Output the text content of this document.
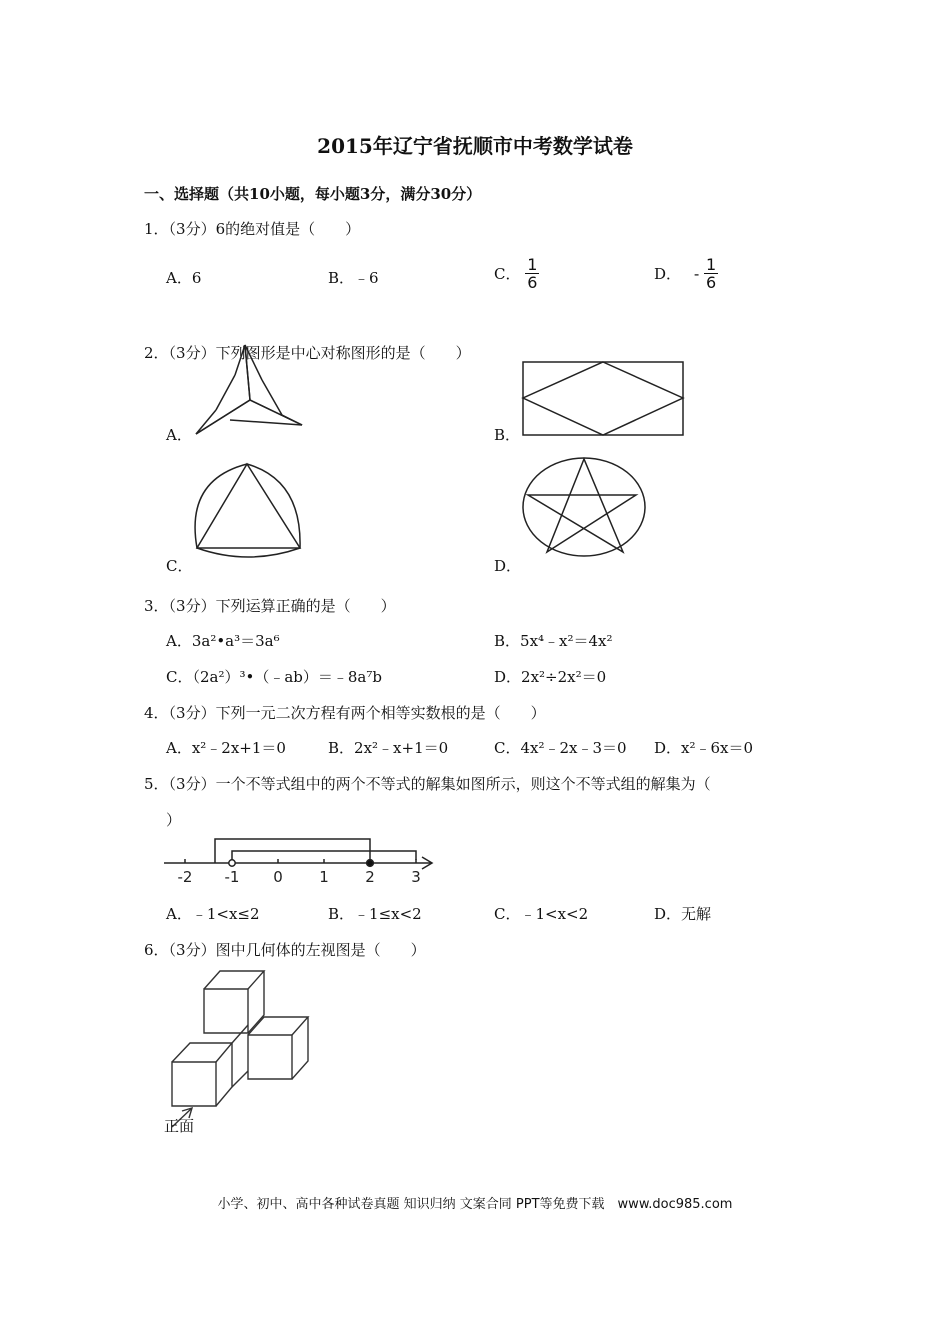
2015年辽宁省抚顺市中考数学试卷
一、选择题（共10小题，每小题3分，满分30分）
1．（3分）6的绝对值是（　　）
A．6	B．﹣6	C． $\frac{1}{6}$	D． - $\frac{1}{6}$
2．（3分）下列图形是中心对称图形的是（　　）
A．	B．
C．	D．
3．（3分）下列运算正确的是（　　）
A．3a²•a³＝3a⁶	B．5x⁴﹣x²＝4x²
C．（2a²）³•（﹣ab）＝﹣8a⁷b	D．2x²÷2x²＝0
4．（3分）下列一元二次方程有两个相等实数根的是（　　）
A．x²﹣2x+1＝0	B．2x²﹣x+1＝0	C．4x²﹣2x﹣3＝0 D．x²﹣6x＝0
5．（3分）一个不等式组中的两个不等式的解集如图所示，则这个不等式组的解集为（
）
-2 -1 0 1 2 3
A．﹣1<x≤2	B．﹣1≤x<2	C．﹣1<x<2	D．无解
6．（3分）图中几何体的左视图是（　　）
正面
小学、初中、高中各种试卷真题 知识归纳 文案合同 PPT等免费下载　www.doc985.com
